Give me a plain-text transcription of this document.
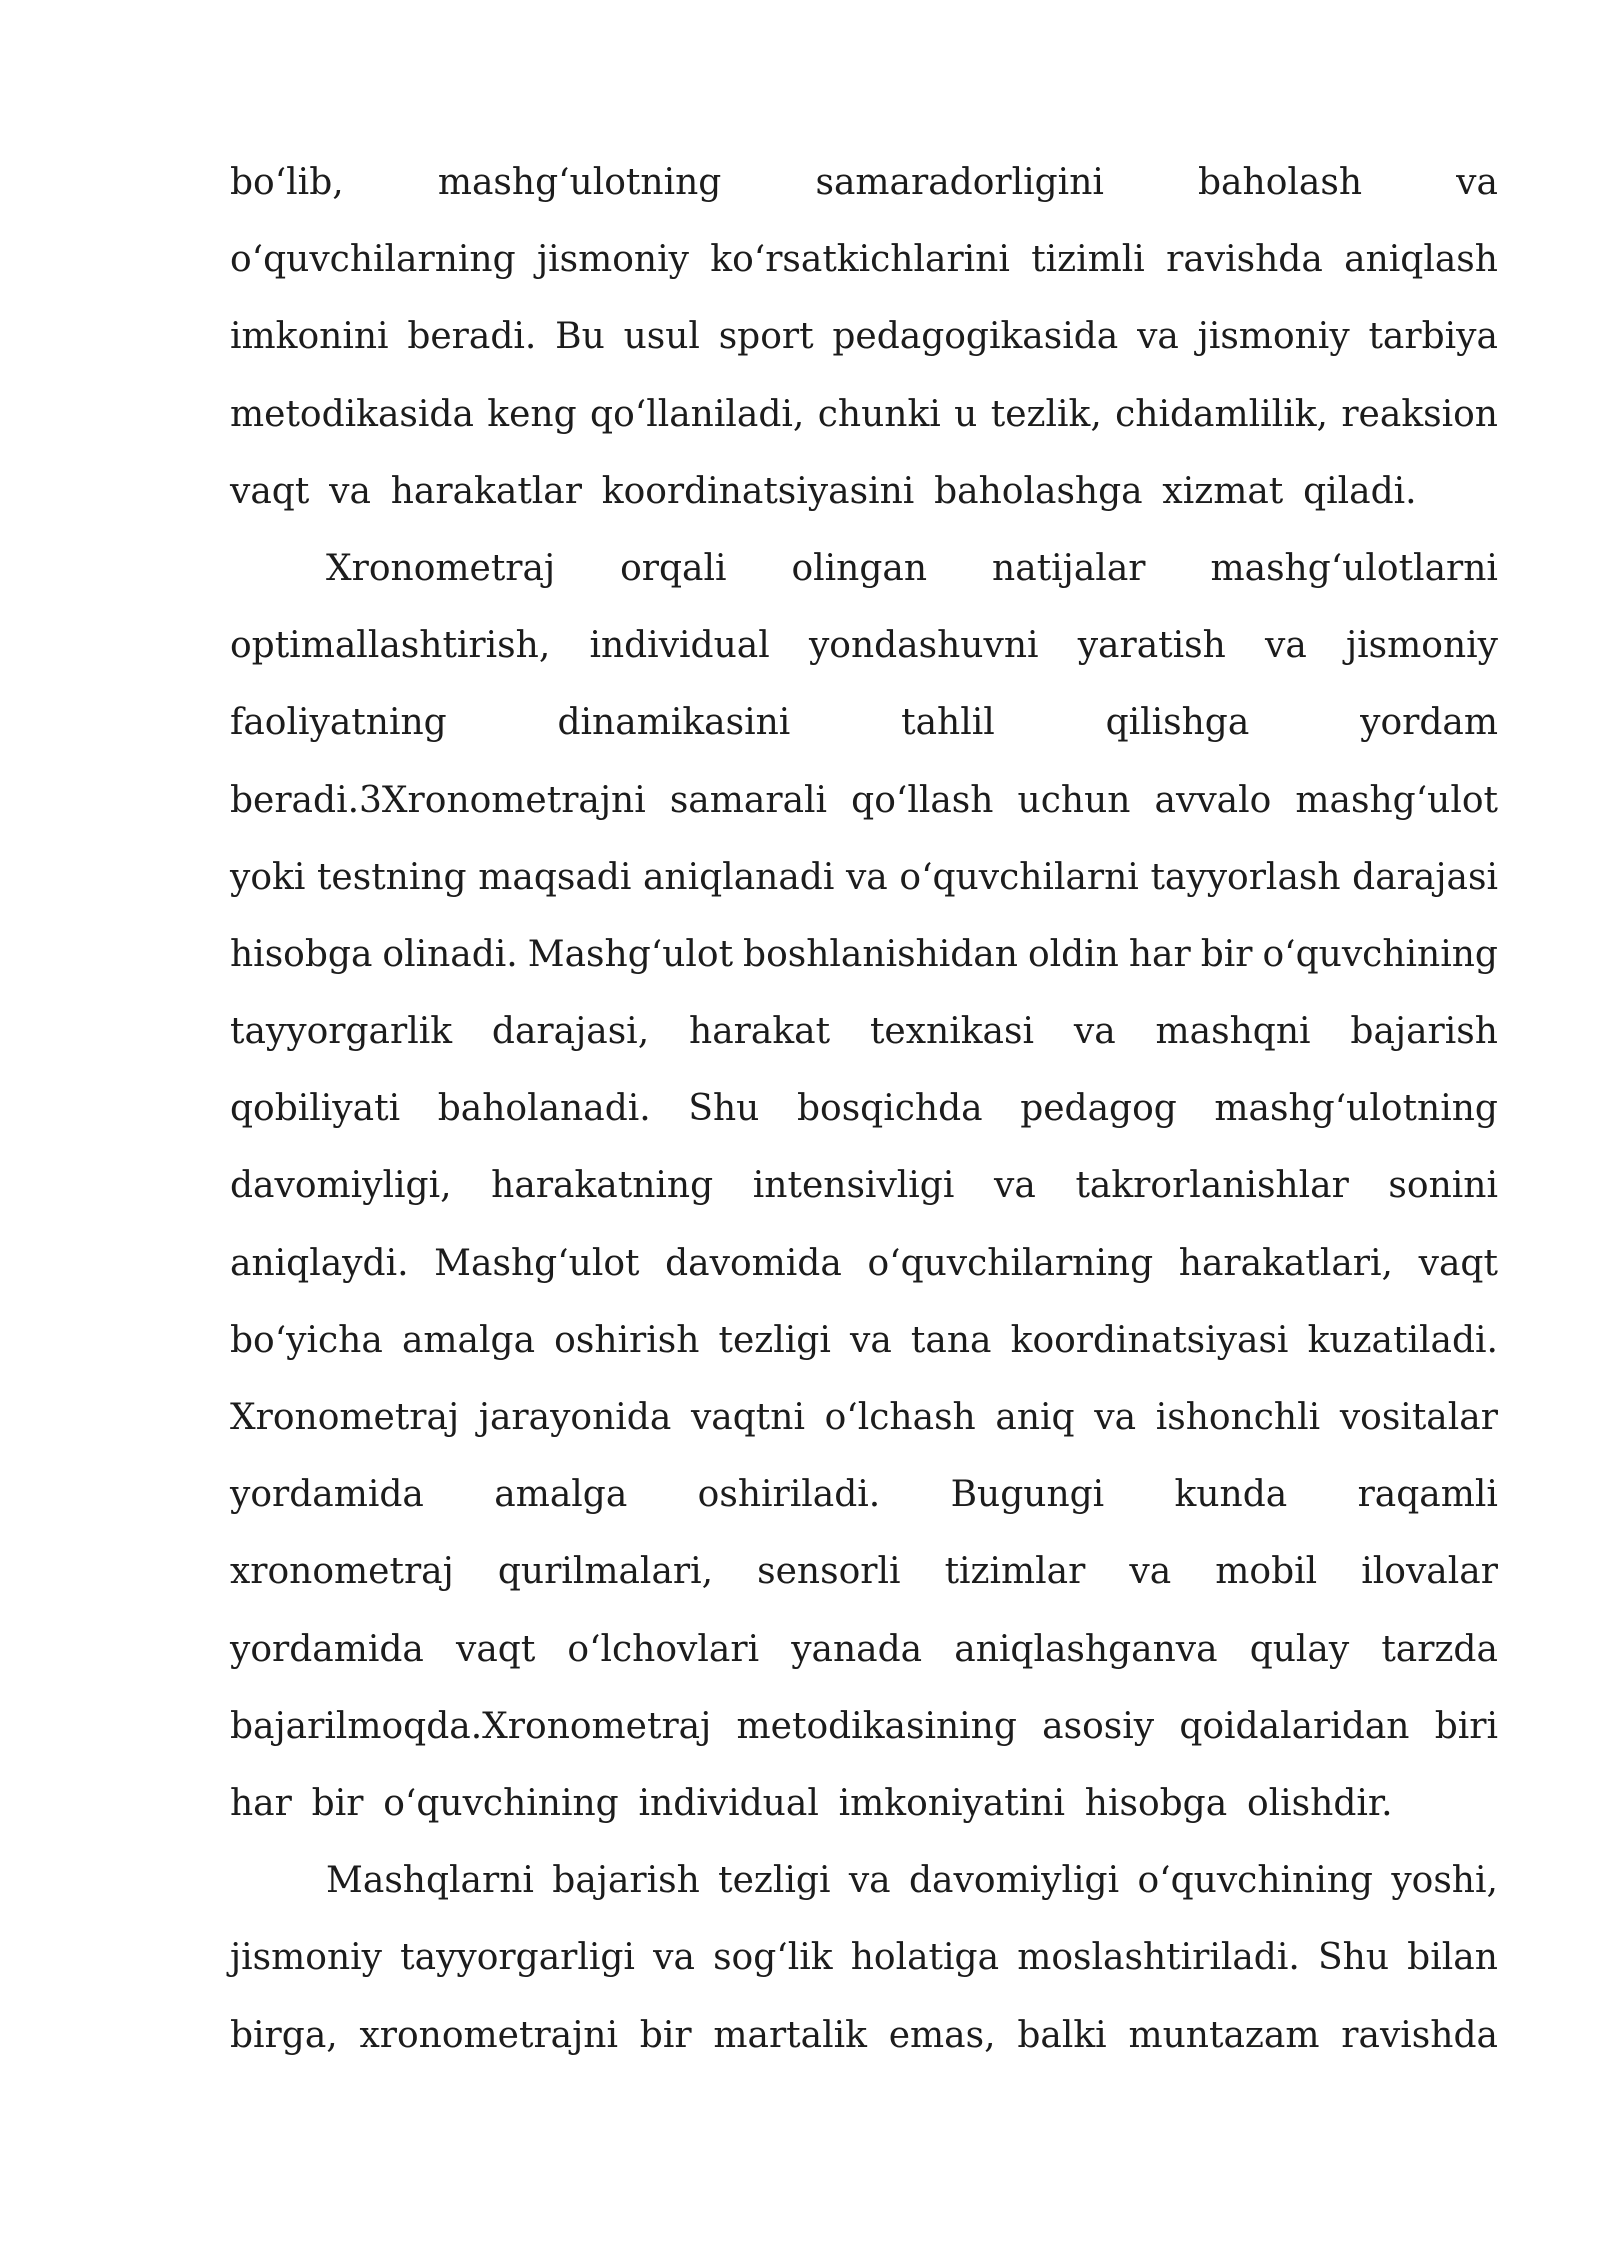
bo‘lib,	mashg‘ulotning	samaradorligini	baholash	va
o‘quvchilarning jismoniy ko‘rsatkichlarini tizimli ravishda aniqlash
imkonini beradi. Bu usul sport pedagogikasida va jismoniy tarbiya
metodikasida keng qo‘llaniladi, chunki u tezlik, chidamlilik, reaksion
vaqt va harakatlar koordinatsiyasini baholashga xizmat qiladi.
Xronometraj orqali olingan natijalar mashg‘ulotlarni
optimallashtirish, individual yondashuvni yaratish va jismoniy
faoliyatning	dinamikasini	tahlil	qilishga	yordam
beradi.3Xronometrajni samarali qo‘llash uchun avvalo mashg‘ulot
yoki testning maqsadi aniqlanadi va o‘quvchilarni tayyorlash darajasi
hisobga olinadi. Mashg‘ulot boshlanishidan oldin har bir o‘quvchining
tayyorgarlik darajasi, harakat texnikasi va mashqni bajarish
qobiliyati baholanadi. Shu bosqichda pedagog mashg‘ulotning
davomiyligi, harakatning intensivligi va takrorlanishlar sonini
aniqlaydi. Mashg‘ulot davomida o‘quvchilarning harakatlari, vaqt
bo‘yicha amalga oshirish tezligi va tana koordinatsiyasi kuzatiladi.
Xronometraj jarayonida vaqtni o‘lchash aniq va ishonchli vositalar
yordamida amalga oshiriladi. Bugungi kunda raqamli
xronometraj qurilmalari, sensorli tizimlar va mobil ilovalar
yordamida vaqt o‘lchovlari yanada aniqlashganva qulay tarzda
bajarilmoqda.Xronometraj metodikasining asosiy qoidalaridan biri
har bir o‘quvchining individual imkoniyatini hisobga olishdir.
Mashqlarni bajarish tezligi va davomiyligi o‘quvchining yoshi,
jismoniy tayyorgarligi va sog‘lik holatiga moslashtiriladi. Shu bilan
birga, xronometrajni bir martalik emas, balki muntazam ravishda
